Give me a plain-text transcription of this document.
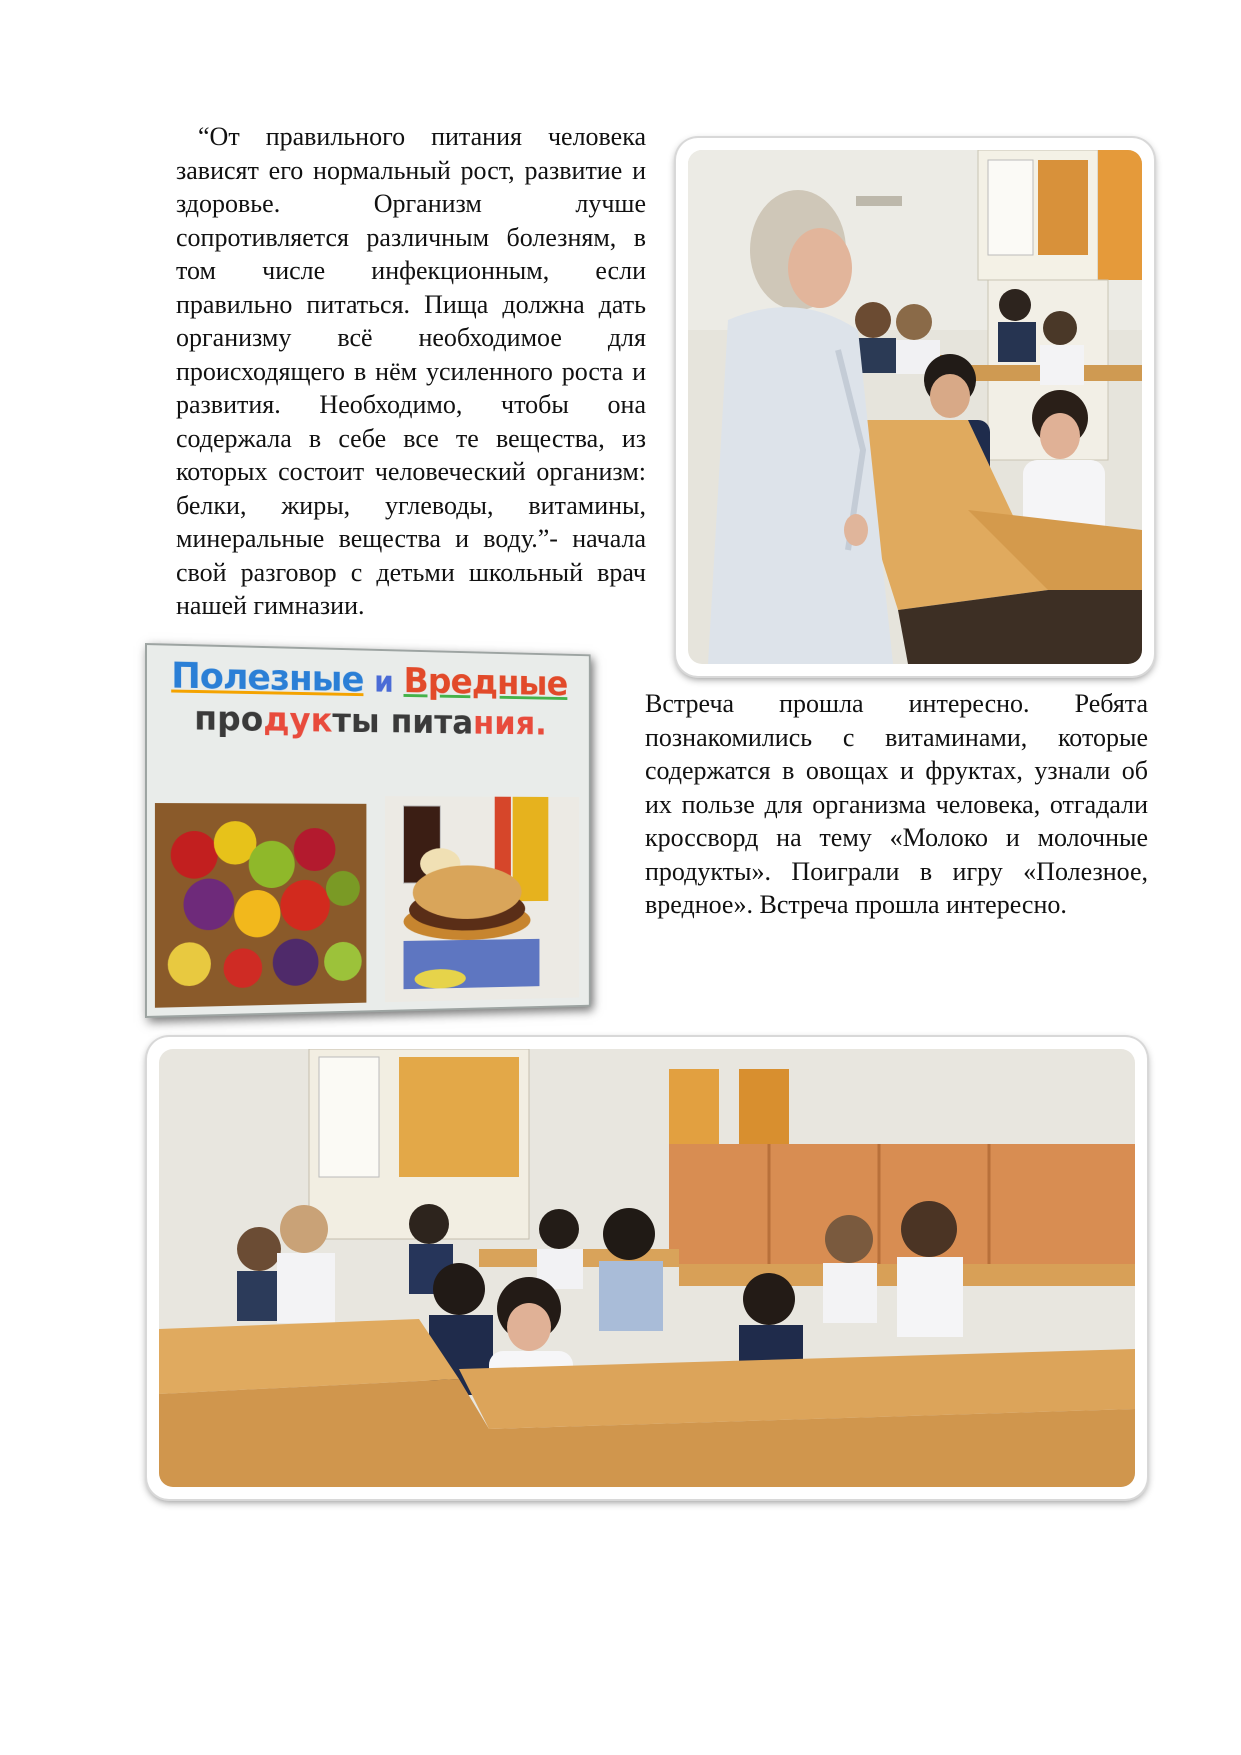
“От правильного питания человека зависят его нормальный рост, развитие и здоровье. Организм лучше сопротивляется различным болезням, в том числе инфекционным, если правильно питаться. Пища должна дать организму всё необходимое для происходящего в нём усиленного роста и развития. Необходимо, чтобы она содержала в себе все те вещества, из которых состоит человеческий организм: белки, жиры, углеводы, витамины, минеральные вещества и воду.”- начала свой разговор с детьми школьный врач нашей гимназии.

Полезные и Вредные
продукты питания.

Встреча прошла интересно. Ребята познакомились с витаминами, которые содержатся в овощах и фруктах, узнали об их пользе для организма человека, отгадали кроссворд на тему «Молоко и молочные продукты». Поиграли в игру «Полезное, вредное». Встреча прошла интересно.
